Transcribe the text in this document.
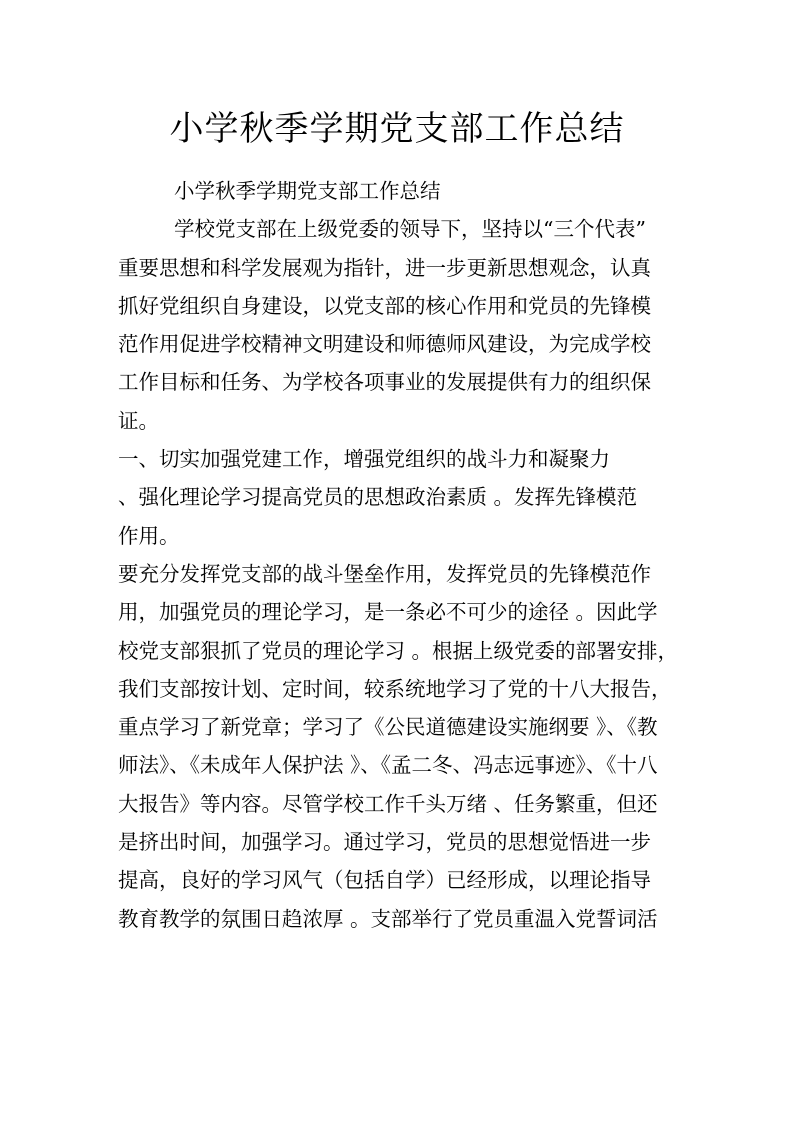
小学秋季学期党支部工作总结
小学秋季学期党支部工作总结
学校党支部在上级党委的领导下，坚持以“三个代表”
重要思想和科学发展观为指针，进一步更新思想观念，认真
抓好党组织自身建设，以党支部的核心作用和党员的先锋模
范作用促进学校精神文明建设和师德师风建设，为完成学校
工作目标和任务、为学校各项事业的发展提供有力的组织保
证。
一、切实加强党建工作，增强党组织的战斗力和凝聚力
、强化理论学习提高党员的思想政治素质 。发挥先锋模范
作用。
要充分发挥党支部的战斗堡垒作用，发挥党员的先锋模范作
用，加强党员的理论学习，是一条必不可少的途径 。因此学
校党支部狠抓了党员的理论学习 。根据上级党委的部署安排，
我们支部按计划、定时间，较系统地学习了党的十八大报告，
重点学习了新党章；学习了《公民道德建设实施纲要 》、《教
师法》、《未成年人保护法 》、《孟二冬、冯志远事迹》、《十八
大报告》等内容。尽管学校工作千头万绪 、任务繁重，但还
是挤出时间，加强学习。通过学习，党员的思想觉悟进一步
提高，良好的学习风气（包括自学）已经形成，以理论指导
教育教学的氛围日趋浓厚 。支部举行了党员重温入党誓词活
